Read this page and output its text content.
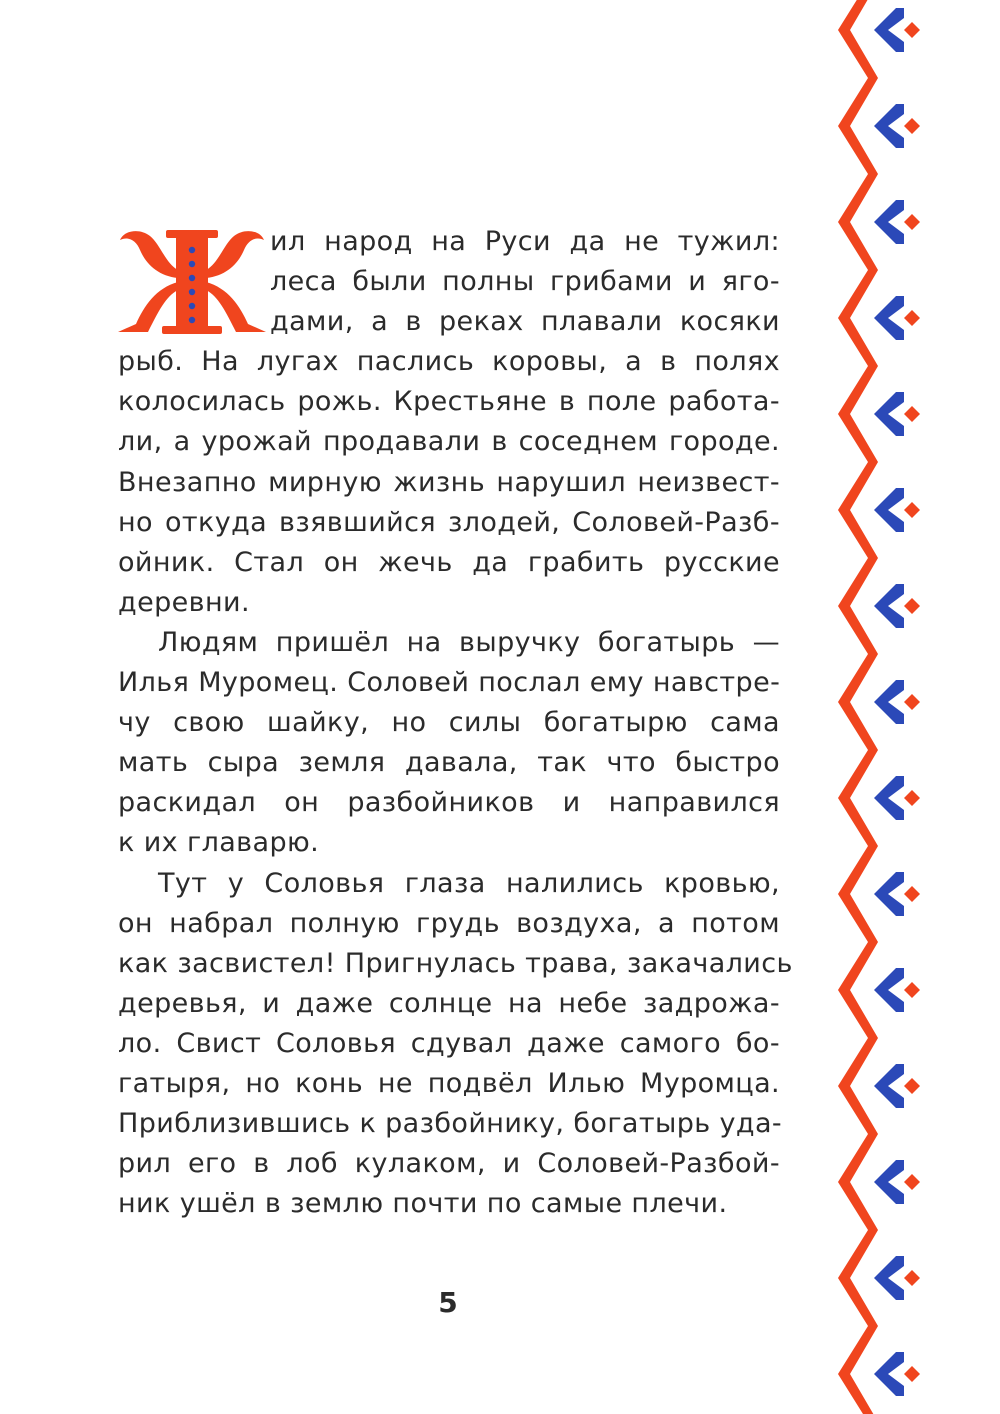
ил народ на Руси да не тужил:
леса были полны грибами и яго-
дами, а в реках плавали косяки
рыб. На лугах паслись коровы, а в полях
колосилась рожь. Крестьяне в поле работа-
ли, а урожай продавали в соседнем городе.
Внезапно мирную жизнь нарушил неизвест-
но откуда взявшийся злодей, Соловей-Разб-
ойник. Стал он жечь да грабить русские
деревни.
Людям пришёл на выручку богатырь —
Илья Муромец. Соловей послал ему навстре-
чу свою шайку, но силы богатырю сама
мать сыра земля давала, так что быстро
раскидал он разбойников и направился
к их главарю.
Тут у Соловья глаза налились кровью,
он набрал полную грудь воздуха, а потом
как засвистел! Пригнулась трава, закачались
деревья, и даже солнце на небе задрожа-
ло. Свист Соловья сдувал даже самого бо-
гатыря, но конь не подвёл Илью Муромца.
Приблизившись к разбойнику, богатырь уда-
рил его в лоб кулаком, и Соловей-Разбой-
ник ушёл в землю почти по самые плечи.
5
